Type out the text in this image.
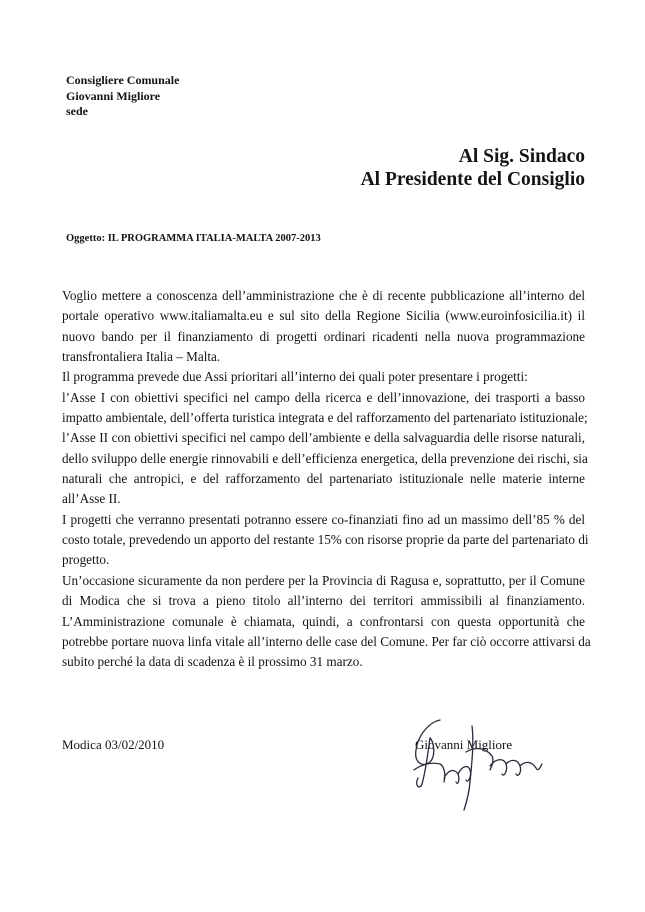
Consigliere Comunale
Giovanni Migliore
sede
Al Sig. Sindaco
Al Presidente del Consiglio
Oggetto: IL PROGRAMMA ITALIA-MALTA 2007-2013
Voglio mettere a conoscenza dell’amministrazione che è di recente pubblicazione all’interno del
portale operativo www.italiamalta.eu e sul sito della Regione Sicilia (www.euroinfosicilia.it) il
nuovo bando per il finanziamento di progetti ordinari ricadenti nella nuova programmazione
transfrontaliera Italia – Malta.
Il programma prevede due Assi prioritari all’interno dei quali poter presentare i progetti:
l’Asse I con obiettivi specifici nel campo della ricerca e dell’innovazione, dei trasporti a basso
impatto ambientale, dell’offerta turistica integrata e del rafforzamento del partenariato istituzionale;
l’Asse II con obiettivi specifici nel campo dell’ambiente e della salvaguardia delle risorse naturali,
dello sviluppo delle energie rinnovabili e dell’efficienza energetica, della prevenzione dei rischi, sia
naturali che antropici, e del rafforzamento del partenariato istituzionale nelle materie interne
all’Asse II.
I progetti che verranno presentati potranno essere co-finanziati fino ad un massimo dell’85 % del
costo totale, prevedendo un apporto del restante 15% con risorse proprie da parte del partenariato di
progetto.
Un’occasione sicuramente da non perdere per la Provincia di Ragusa e, soprattutto, per il Comune
di Modica che si trova a pieno titolo all’interno dei territori ammissibili al finanziamento.
L’Amministrazione comunale è chiamata, quindi, a confrontarsi con questa opportunità che
potrebbe portare nuova linfa vitale all’interno delle case del Comune. Per far ciò occorre attivarsi da
subito perché la data di scadenza è il prossimo 31 marzo.
Modica 03/02/2010	Giovanni Migliore
